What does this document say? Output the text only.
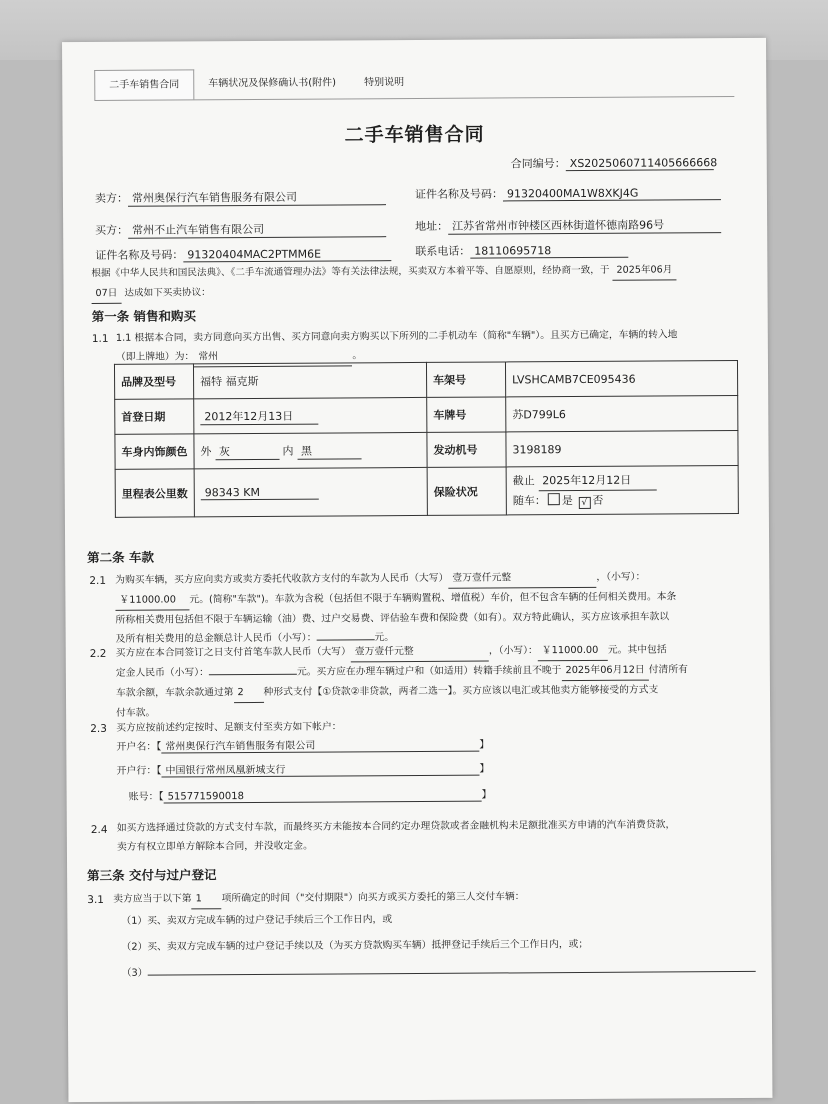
二手车销售合同	车辆状况及保修确认书(附件)	特别说明
二手车销售合同
合同编号： XS2025060711405666668
卖方： 常州奥保行汽车销售服务有限公司	证件名称及号码： 91320400MA1W8XKJ4G
买方： 常州不止汽车销售有限公司	地址： 江苏省常州市钟楼区西林街道怀德南路96号
证件名称及号码： 91320404MAC2PTMM6E	联系电话： 18110695718
根据《中华人民共和国民法典》、《二手车流通管理办法》等有关法律法规，买卖双方本着平等、自愿原则，经协商一致，于 2025年06月
07日 达成如下买卖协议：
第一条 销售和购买
1.1 1.1 根据本合同，卖方同意向买方出售、买方同意向卖方购买以下所列的二手机动车（简称"车辆"）。且买方已确定，车辆的转入地
（即上牌地）为： 常州	。
品牌及型号	福特 福克斯	车架号	LVSHCAMB7CE095436
首登日期	2012年12月13日	车牌号	苏D799L6
车身内饰颜色	外 灰 内 黑	发动机号	3198189
里程表公里数	98343 KM	保险状况	截止 2025年12月12日
随车： 是 √ 否
第二条 车款
2.1 为购买车辆，买方应向卖方或卖方委托代收款方支付的车款为人民币（大写） 壹万壹仟元整	，（小写）：
￥11000.00 元。(简称"车款")。车款为含税（包括但不限于车辆购置税、增值税）车价，但不包含车辆的任何相关费用。本条
所称相关费用包括但不限于车辆运输（油）费、过户交易费、评估验车费和保险费（如有）。双方特此确认，买方应该承担车款以
及所有相关费用的总金额总计人民币（小写）：	元。
2.2 买方应在本合同签订之日支付首笔车款人民币（大写） 壹万壹仟元整	，（小写）： ￥11000.00 元。其中包括
定金人民币（小写）：	元。买方应在办理车辆过户和（如适用）转籍手续前且不晚于 2025年06月12日 付清所有
车款余额，车款余款通过第 2 种形式支付【①贷款②非贷款，两者二选一】。买方应该以电汇或其他卖方能够接受的方式支
付车款。
2.3 买方应按前述约定按时、足额支付至卖方如下帐户：
开户名：【 常州奥保行汽车销售服务有限公司	】
开户行：【 中国银行常州凤凰新城支行	】
账号：【 515771590018	】
2.4 如买方选择通过贷款的方式支付车款，而最终买方未能按本合同约定办理贷款或者金融机构未足额批准买方申请的汽车消费贷款，
卖方有权立即单方解除本合同，并没收定金。
第三条 交付与过户登记
3.1 卖方应当于以下第 1 项所确定的时间（"交付期限"）向买方或买方委托的第三人交付车辆：
（1）买、卖双方完成车辆的过户登记手续后三个工作日内，或
（2）买、卖双方完成车辆的过户登记手续以及（为买方贷款购买车辆）抵押登记手续后三个工作日内，或；
（3）
